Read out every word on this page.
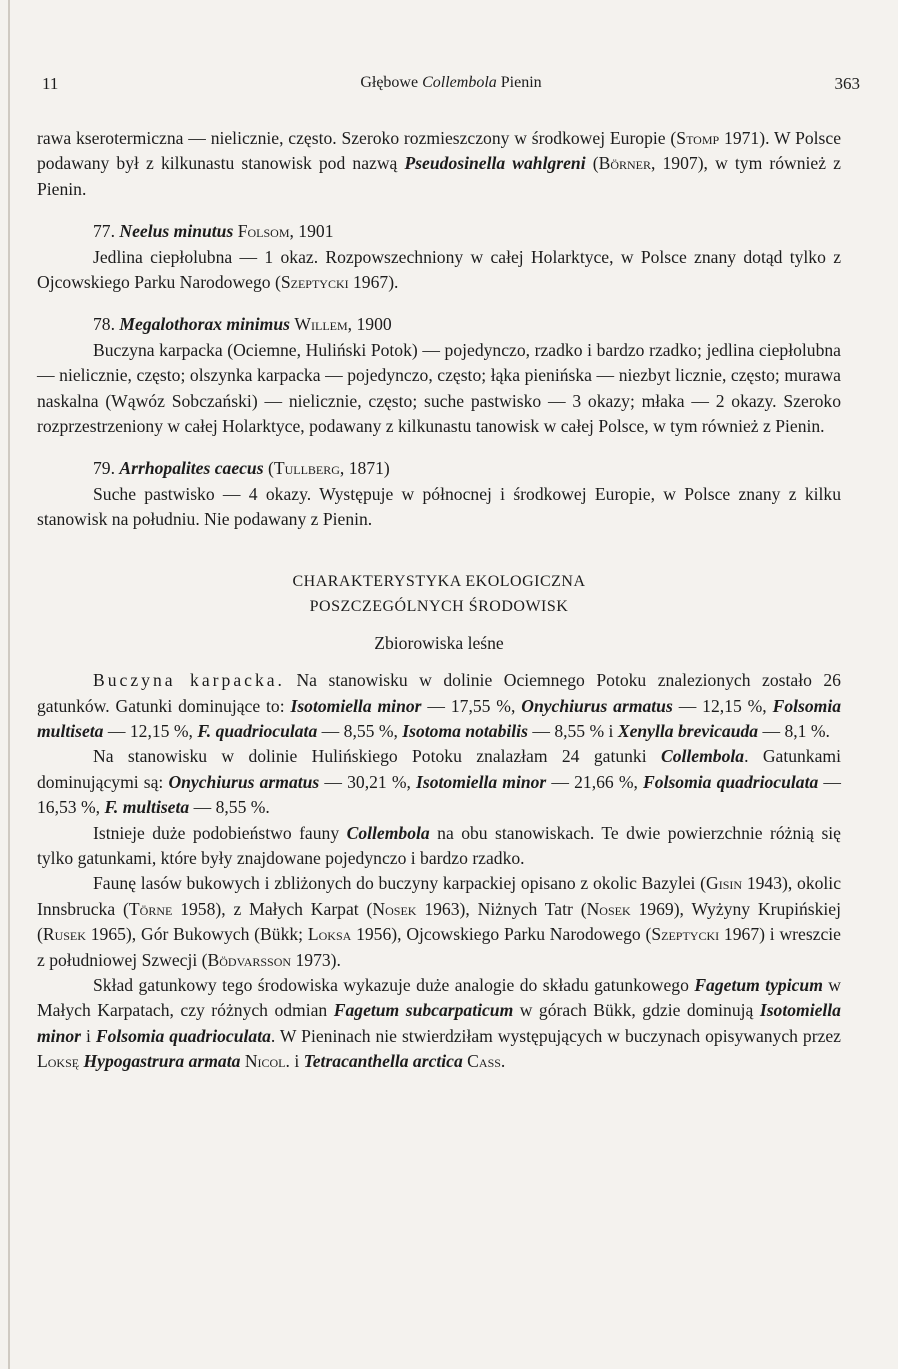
11	Głębowe Collembola Pienin	363

rawa kserotermiczna — nielicznie, często. Szeroko rozmieszczony w środkowej Europie (Stomp 1971). W Polsce podawany był z kilkunastu stanowisk pod nazwą Pseudosinella wahlgreni (Börner, 1907), w tym również z Pienin.

77. Neelus minutus Folsom, 1901

Jedlina ciepłolubna — 1 okaz. Rozpowszechniony w całej Holarktyce, w Polsce znany dotąd tylko z Ojcowskiego Parku Narodowego (Szeptycki 1967).

78. Megalothorax minimus Willem, 1900

Buczyna karpacka (Ociemne, Huliński Potok) — pojedynczo, rzadko i bardzo rzadko; jedlina ciepłolubna — nielicznie, często; olszynka karpacka — pojedynczo, często; łąka pienińska — niezbyt licznie, często; murawa naskalna (Wąwóz Sobczański) — nielicznie, często; suche pastwisko — 3 okazy; młaka — 2 okazy. Szeroko rozprzestrzeniony w całej Holarktyce, podawany z kilkunastu tanowisk w całej Polsce, w tym również z Pienin.

79. Arrhopalites caecus (Tullberg, 1871)

Suche pastwisko — 4 okazy. Występuje w północnej i środkowej Europie, w Polsce znany z kilku stanowisk na południu. Nie podawany z Pienin.

CHARAKTERYSTYKA EKOLOGICZNA
POSZCZEGÓLNYCH ŚRODOWISK
Zbiorowiska leśne

Buczyna karpacka. Na stanowisku w dolinie Ociemnego Potoku znalezionych zostało 26 gatunków. Gatunki dominujące to: Isotomiella minor — 17,55 %, Onychiurus armatus — 12,15 %, Folsomia multiseta — 12,15 %, F. quadrioculata — 8,55 %, Isotoma notabilis — 8,55 % i Xenylla brevicauda — 8,1 %.

Na stanowisku w dolinie Hulińskiego Potoku znalazłam 24 gatunki Collembola. Gatunkami dominującymi są: Onychiurus armatus — 30,21 %, Isotomiella minor — 21,66 %, Folsomia quadrioculata —16,53 %, F. multiseta — 8,55 %.

Istnieje duże podobieństwo fauny Collembola na obu stanowiskach. Te dwie powierzchnie różnią się tylko gatunkami, które były znajdowane pojedynczo i bardzo rzadko.

Faunę lasów bukowych i zbliżonych do buczyny karpackiej opisano z okolic Bazylei (Gisin 1943), okolic Innsbrucka (Törne 1958), z Małych Karpat (Nosek 1963), Niżnych Tatr (Nosek 1969), Wyżyny Krupińskiej (Rusek 1965), Gór Bukowych (Bükk; Loksa 1956), Ojcowskiego Parku Narodowego (Szeptycki 1967) i wreszcie z południowej Szwecji (Bödvarsson 1973).

Skład gatunkowy tego środowiska wykazuje duże analogie do składu gatunkowego Fagetum typicum w Małych Karpatach, czy różnych odmian Fagetum subcarpaticum w górach Bükk, gdzie dominują Isotomiella minor i Folsomia quadrioculata. W Pieninach nie stwierdziłam występujących w buczynach opisywanych przez Loksę Hypogastrura armata Nicol. i Tetracanthella arctica Cass.
